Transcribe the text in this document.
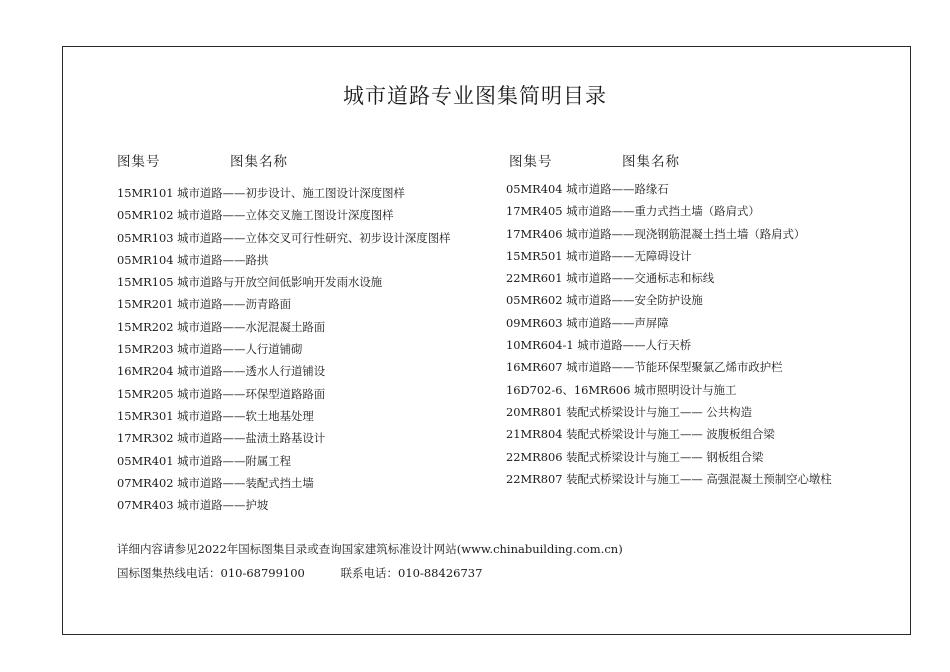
城市道路专业图集简明目录
图集号	图集名称	图集号	图集名称
15MR101 城市道路——初步设计、施工图设计深度图样
05MR102 城市道路——立体交叉施工图设计深度图样
05MR103 城市道路——立体交叉可行性研究、初步设计深度图样
05MR104 城市道路——路拱
15MR105 城市道路与开放空间低影响开发雨水设施
15MR201 城市道路——沥青路面
15MR202 城市道路——水泥混凝土路面
15MR203 城市道路——人行道铺砌
16MR204 城市道路——透水人行道铺设
15MR205 城市道路——环保型道路路面
15MR301 城市道路——软土地基处理
17MR302 城市道路——盐渍土路基设计
05MR401 城市道路——附属工程
07MR402 城市道路——装配式挡土墙
07MR403 城市道路——护坡
05MR404 城市道路——路缘石
17MR405 城市道路——重力式挡土墙（路肩式）
17MR406 城市道路——现浇钢筋混凝土挡土墙（路肩式）
15MR501 城市道路——无障碍设计
22MR601 城市道路——交通标志和标线
05MR602 城市道路——安全防护设施
09MR603 城市道路——声屏障
10MR604-1 城市道路——人行天桥
16MR607 城市道路——节能环保型聚氯乙烯市政护栏
16D702-6、16MR606 城市照明设计与施工
20MR801 装配式桥梁设计与施工—— 公共构造
21MR804 装配式桥梁设计与施工—— 波腹板组合梁
22MR806 装配式桥梁设计与施工—— 钢板组合梁
22MR807 装配式桥梁设计与施工—— 高强混凝土预制空心墩柱
详细内容请参见2022年国标图集目录或查询国家建筑标准设计网站(www.chinabuilding.com.cn)
国标图集热线电话：010-68799100	联系电话：010-88426737
